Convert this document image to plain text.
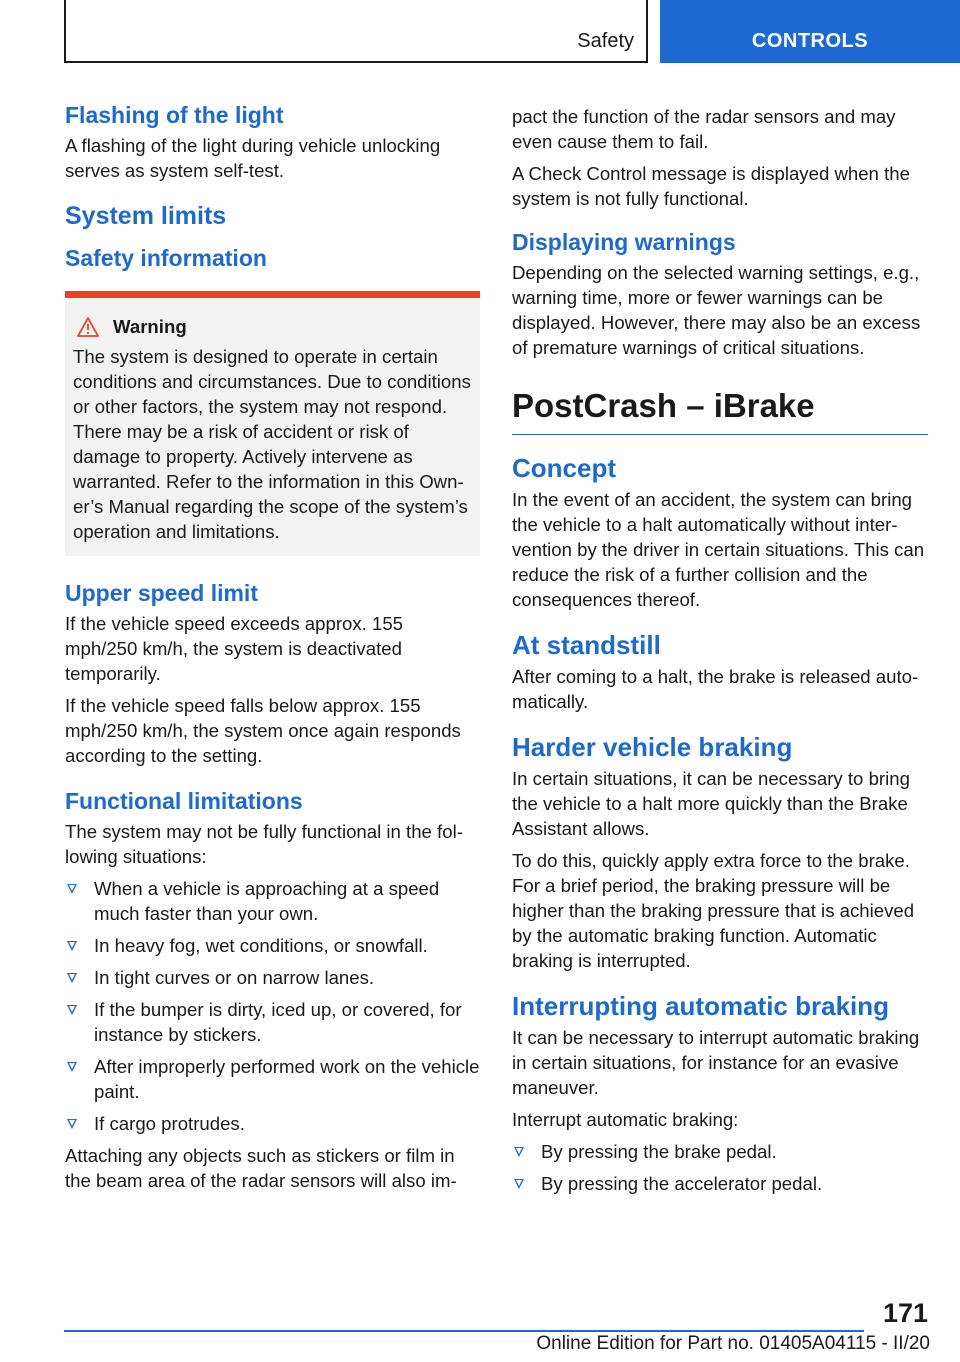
Safety	CONTROLS
Flashing of the light

A flashing of the light during vehicle unlocking serves as system self-test.

System limits
Safety information
Warning

The system is designed to operate in certain conditions and circumstances. Due to conditions or other factors, the system may not respond. There may be a risk of accident or risk of damage to property. Actively intervene as warranted. Refer to the information in this Owner’s Manual regarding the scope of the system’s operation and limitations.

Upper speed limit

If the vehicle speed exceeds approx. 155 mph/250 km/h, the system is deactivated temporarily.

If the vehicle speed falls below approx. 155 mph/250 km/h, the system once again responds according to the setting.

Functional limitations

The system may not be fully functional in the following situations:

When a vehicle is approaching at a speed much faster than your own.
In heavy fog, wet conditions, or snowfall.
In tight curves or on narrow lanes.
If the bumper is dirty, iced up, or covered, for instance by stickers.
After improperly performed work on the vehicle paint.
If cargo protrudes.

Attaching any objects such as stickers or film in the beam area of the radar sensors will also im-

pact the function of the radar sensors and may even cause them to fail.

A Check Control message is displayed when the system is not fully functional.

Displaying warnings

Depending on the selected warning settings, e.g., warning time, more or fewer warnings can be displayed. However, there may also be an excess of premature warnings of critical situations.

PostCrash – iBrake
Concept

In the event of an accident, the system can bring the vehicle to a halt automatically without intervention by the driver in certain situations. This can reduce the risk of a further collision and the consequences thereof.

At standstill

After coming to a halt, the brake is released automatically.

Harder vehicle braking

In certain situations, it can be necessary to bring the vehicle to a halt more quickly than the Brake Assistant allows.

To do this, quickly apply extra force to the brake. For a brief period, the braking pressure will be higher than the braking pressure that is achieved by the automatic braking function. Automatic braking is interrupted.

Interrupting automatic braking

It can be necessary to interrupt automatic braking in certain situations, for instance for an evasive maneuver.

Interrupt automatic braking:

By pressing the brake pedal.
By pressing the accelerator pedal.
171
Online Edition for Part no. 01405A04115 - II/20
